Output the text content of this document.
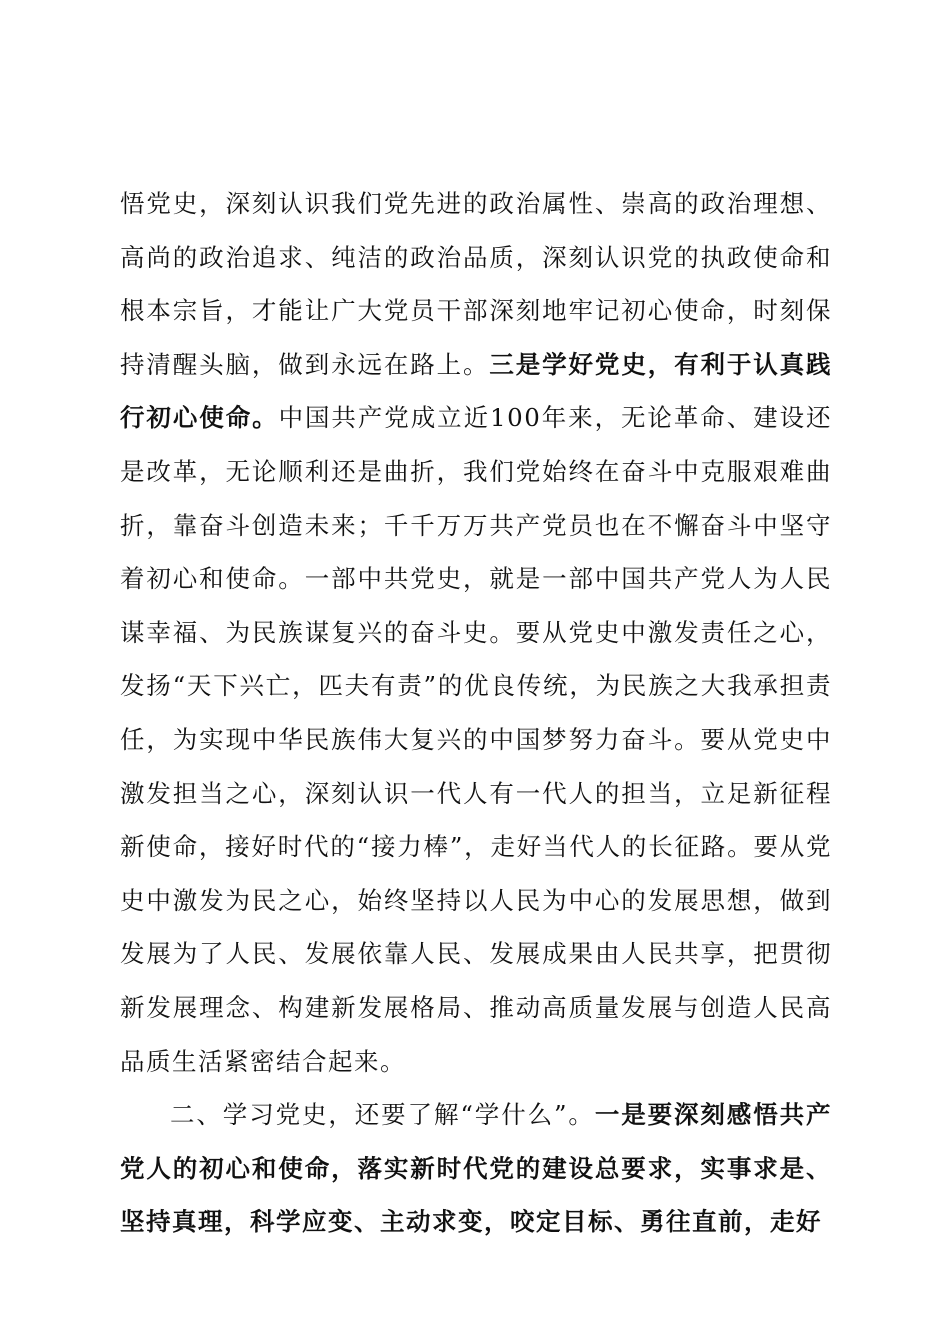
悟党史，深刻认识我们党先进的政治属性、崇高的政治理想、高尚的政治追求、纯洁的政治品质，深刻认识党的执政使命和根本宗旨，才能让广大党员干部深刻地牢记初心使命，时刻保持清醒头脑，做到永远在路上。三是学好党史，有利于认真践行初心使命。中国共产党成立近100年来，无论革命、建设还是改革，无论顺利还是曲折，我们党始终在奋斗中克服艰难曲折，靠奋斗创造未来；千千万万共产党员也在不懈奋斗中坚守着初心和使命。一部中共党史，就是一部中国共产党人为人民谋幸福、为民族谋复兴的奋斗史。要从党史中激发责任之心，发扬“天下兴亡，匹夫有责”的优良传统，为民族之大我承担责任，为实现中华民族伟大复兴的中国梦努力奋斗。要从党史中激发担当之心，深刻认识一代人有一代人的担当，立足新征程新使命，接好时代的“接力棒”，走好当代人的长征路。要从党史中激发为民之心，始终坚持以人民为中心的发展思想，做到发展为了人民、发展依靠人民、发展成果由人民共享，把贯彻新发展理念、构建新发展格局、推动高质量发展与创造人民高品质生活紧密结合起来。

二、学习党史，还要了解“学什么”。一是要深刻感悟共产党人的初心和使命，落实新时代党的建设总要求，实事求是、坚持真理，科学应变、主动求变，咬定目标、勇往直前，走好
